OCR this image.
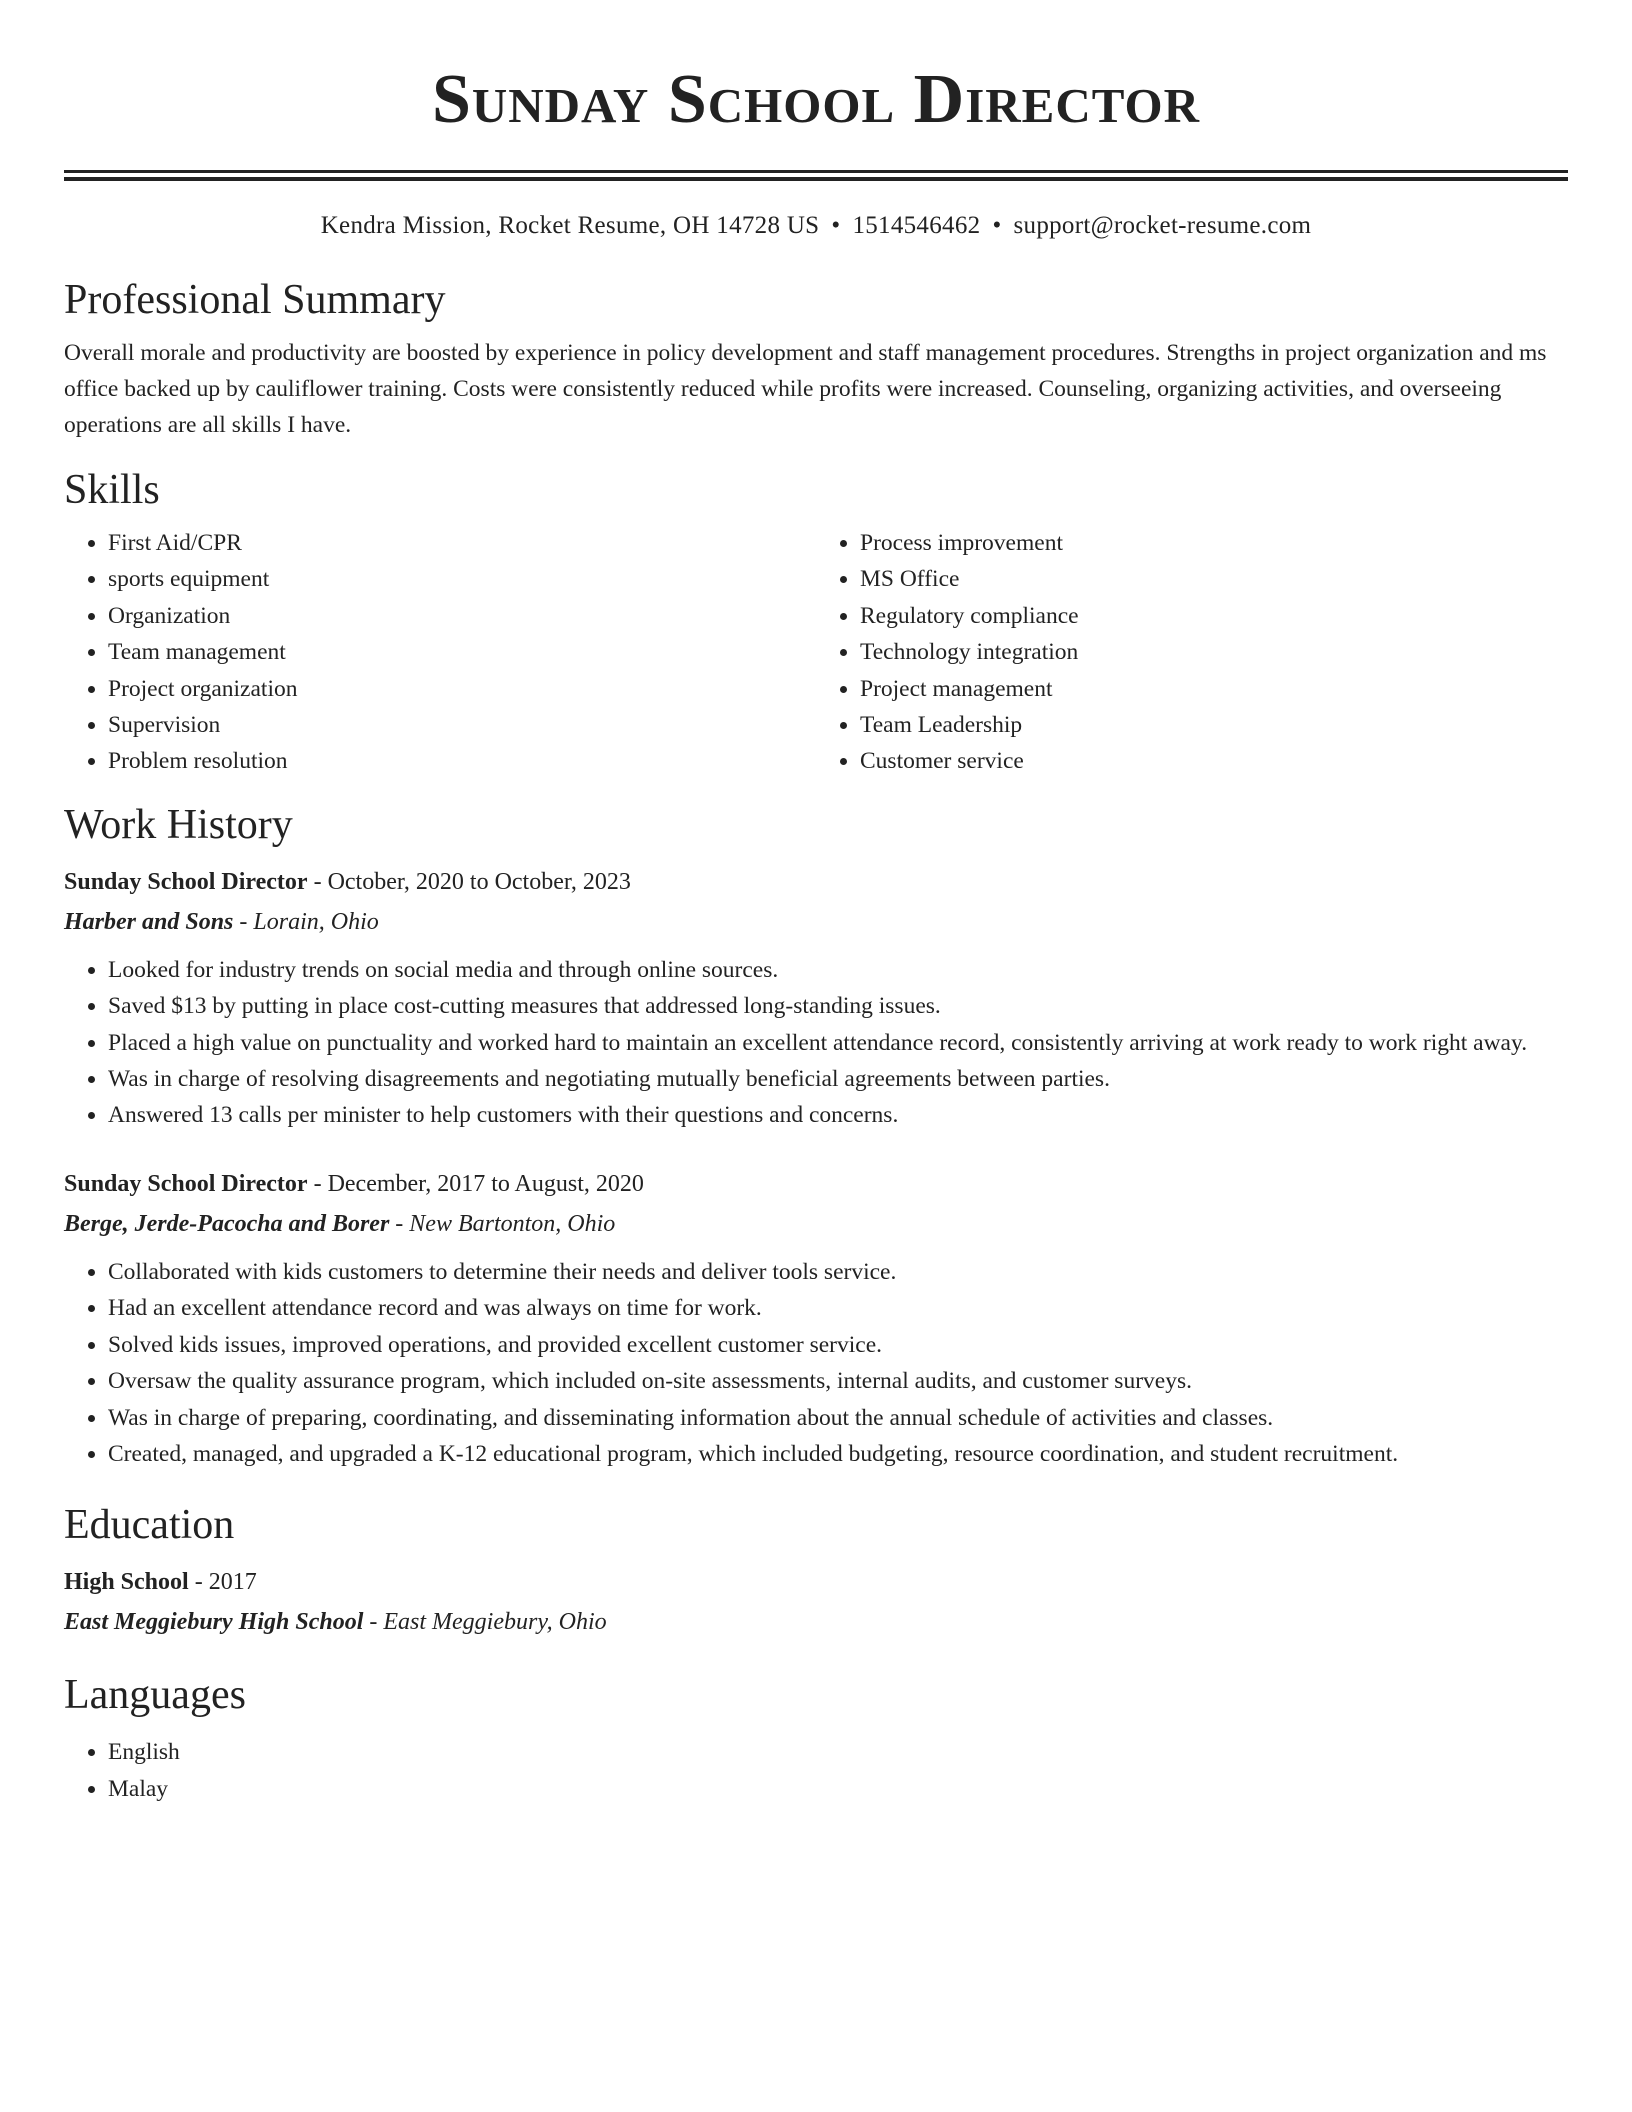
Sunday School Director
Kendra Mission, Rocket Resume, OH 14728 US • 1514546462 • support@rocket-resume.com
Professional Summary

Overall morale and productivity are boosted by experience in policy development and staff management procedures. Strengths in project organization and ms office backed up by cauliflower training. Costs were consistently reduced while profits were increased. Counseling, organizing activities, and overseeing operations are all skills I have.

Skills
• First Aid/CPR
• sports equipment
• Organization
• Team management
• Project organization
• Supervision
• Problem resolution
• Process improvement
• MS Office
• Regulatory compliance
• Technology integration
• Project management
• Team Leadership
• Customer service
Work History
Sunday School Director - October, 2020 to October, 2023
Harber and Sons - Lorain, Ohio
• Looked for industry trends on social media and through online sources.
• Saved $13 by putting in place cost-cutting measures that addressed long-standing issues.
• Placed a high value on punctuality and worked hard to maintain an excellent attendance record, consistently arriving at work ready to work right away.
• Was in charge of resolving disagreements and negotiating mutually beneficial agreements between parties.
• Answered 13 calls per minister to help customers with their questions and concerns.
Sunday School Director - December, 2017 to August, 2020
Berge, Jerde-Pacocha and Borer - New Bartonton, Ohio
• Collaborated with kids customers to determine their needs and deliver tools service.
• Had an excellent attendance record and was always on time for work.
• Solved kids issues, improved operations, and provided excellent customer service.
• Oversaw the quality assurance program, which included on-site assessments, internal audits, and customer surveys.
• Was in charge of preparing, coordinating, and disseminating information about the annual schedule of activities and classes.
• Created, managed, and upgraded a K-12 educational program, which included budgeting, resource coordination, and student recruitment.
Education
High School - 2017
East Meggiebury High School - East Meggiebury, Ohio
Languages
• English
• Malay
